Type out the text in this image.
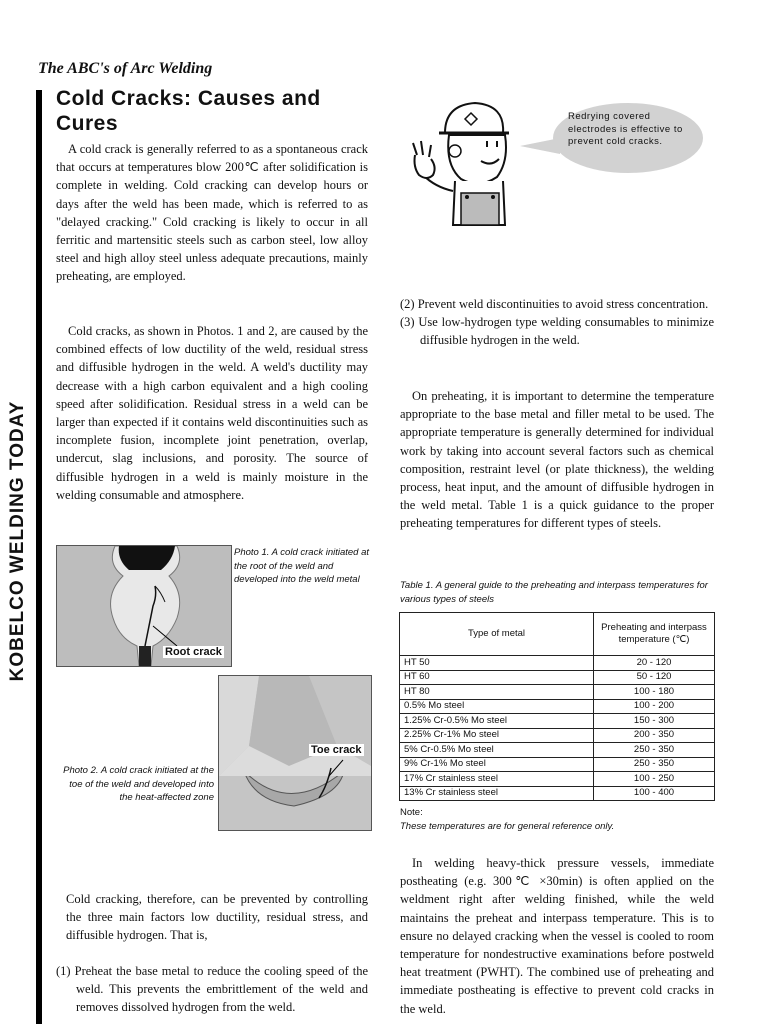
The ABC's of Arc Welding
KOBELCO WELDING TODAY
Cold Cracks: Causes and Cures

A cold crack is generally referred to as a spontaneous crack that occurs at temperatures blow 200℃ after solidification is complete in welding. Cold cracking can develop hours or days after the weld has been made, which is referred to as "delayed cracking." Cold cracking is likely to occur in all ferritic and martensitic steels such as carbon steel, low alloy steel and high alloy steel unless adequate precautions, mainly preheating, are employed.

Cold cracks, as shown in Photos. 1 and 2, are caused by the combined effects of low ductility of the weld, residual stress and diffusible hydrogen in the weld. A weld's ductility may decrease with a high carbon equivalent and a high cooling speed after solidification. Residual stress in a weld can be larger than expected if it contains weld discontinuities such as incomplete fusion, incomplete joint penetration, overlap, undercut, slag inclusions, and porosity. The source of diffusible hydrogen in a weld is mainly moisture in the welding consumable and atmosphere.

Root crack
Photo 1. A cold crack initiated at the root of the weld and developed into the weld metal
Toe crack
Photo 2. A cold crack initiated at the toe of the weld and developed into the heat-affected zone

Cold cracking, therefore, can be prevented by controlling the three main factors low ductility, residual stress, and diffusible hydrogen. That is,

(1) Preheat the base metal to reduce the cooling speed of the weld. This prevents the embrittlement of the weld and removes dissolved hydrogen from the weld.

Redrying covered electrodes is effective to prevent cold cracks.

(2) Prevent weld discontinuities to avoid stress concentration.

(3) Use low-hydrogen type welding consumables to minimize diffusible hydrogen in the weld.

On preheating, it is important to determine the temperature appropriate to the base metal and filler metal to be used. The appropriate temperature is generally determined for individual work by taking into account several factors such as chemical composition, restraint level (or plate thickness), the welding process, heat input, and the amount of diffusible hydrogen in the weld metal. Table 1 is a quick guidance to the proper preheating temperatures for different types of steels.

Table 1. A general guide to the preheating and interpass temperatures for various types of steels
Type of metal	Preheating and interpass temperature (℃)
HT 50	20 - 120
HT 60	50 - 120
HT 80	100 - 180
0.5% Mo steel	100 - 200
1.25% Cr-0.5% Mo steel	150 - 300
2.25% Cr-1% Mo steel	200 - 350
5% Cr-0.5% Mo steel	250 - 350
9% Cr-1% Mo steel	250 - 350
17% Cr stainless steel	100 - 250
13% Cr stainless steel	100 - 400
Note:
These temperatures are for general reference only.

In welding heavy-thick pressure vessels, immediate postheating (e.g. 300℃ ×30min) is often applied on the weldment right after welding finished, while the weld maintains the preheat and interpass temperature. This is to ensure no delayed cracking when the vessel is cooled to room temperature for nondestructive examinations before postweld heat treatment (PWHT). The combined use of preheating and immediate postheating is effective to prevent cold cracks in the weld.
